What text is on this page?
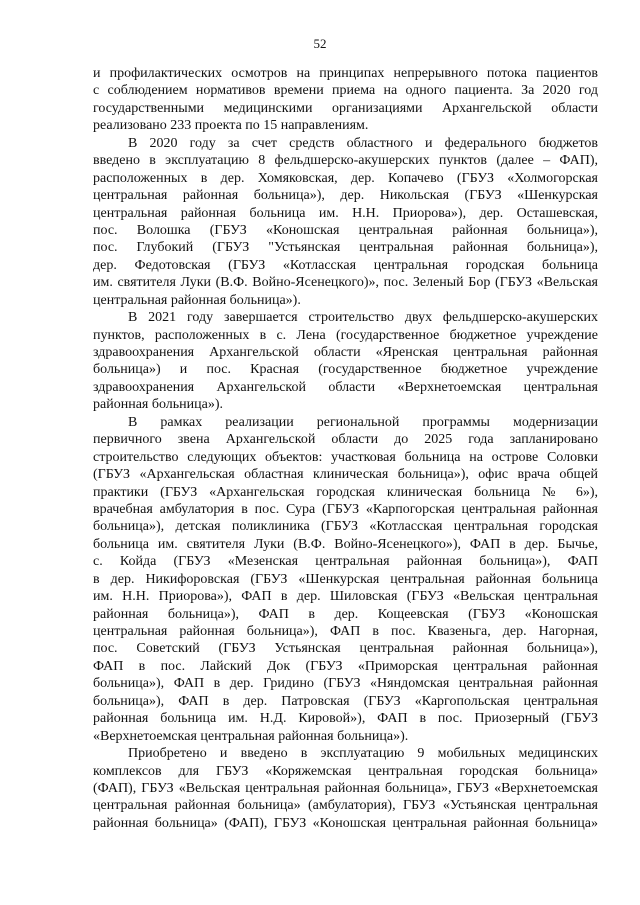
52
и профилактических осмотров на принципах непрерывного потока пациентов
с соблюдением нормативов времени приема на одного пациента. За 2020 год
государственными медицинскими организациями Архангельской области
реализовано 233 проекта по 15 направлениям.
В 2020 году за счет средств областного и федерального бюджетов
введено в эксплуатацию 8 фельдшерско-акушерских пунктов (далее – ФАП),
расположенных в дер. Хомяковская, дер. Копачево (ГБУЗ «Холмогорская
центральная районная больница»), дер. Никольская (ГБУЗ «Шенкурская
центральная районная больница им. Н.Н. Приорова»), дер. Осташевская,
пос. Волошка (ГБУЗ «Коношская центральная районная больница»),
пос. Глубокий (ГБУЗ "Устьянская центральная районная больница»),
дер. Федотовская (ГБУЗ «Котласская центральная городская больница
им. святителя Луки (В.Ф. Войно-Ясенецкого)», пос. Зеленый Бор (ГБУЗ «Вельская
центральная районная больница»).
В 2021 году завершается строительство двух фельдшерско-акушерских
пунктов, расположенных в с. Лена (государственное бюджетное учреждение
здравоохранения Архангельской области «Яренская центральная районная
больница») и пос. Красная (государственное бюджетное учреждение
здравоохранения Архангельской области «Верхнетоемская центральная
районная больница»).
В рамках реализации региональной программы модернизации
первичного звена Архангельской области до 2025 года запланировано
строительство следующих объектов: участковая больница на острове Соловки
(ГБУЗ «Архангельская областная клиническая больница»), офис врача общей
практики (ГБУЗ «Архангельская городская клиническая больница № 6»),
врачебная амбулатория в пос. Сура (ГБУЗ «Карпогорская центральная районная
больница»), детская поликлиника (ГБУЗ «Котласская центральная городская
больница им. святителя Луки (В.Ф. Войно-Ясенецкого»), ФАП в дер. Бычье,
с. Койда (ГБУЗ «Мезенская центральная районная больница»), ФАП
в дер. Никифоровская (ГБУЗ «Шенкурская центральная районная больница
им. Н.Н. Приорова»), ФАП в дер. Шиловская (ГБУЗ «Вельская центральная
районная больница»), ФАП в дер. Кощеевская (ГБУЗ «Коношская
центральная районная больница»), ФАП в пос. Квазеньга, дер. Нагорная,
пос. Советский (ГБУЗ Устьянская центральная районная больница»),
ФАП в пос. Лайский Док (ГБУЗ «Приморская центральная районная
больница»), ФАП в дер. Гридино (ГБУЗ «Няндомская центральная районная
больница»), ФАП в дер. Патровская (ГБУЗ «Каргопольская центральная
районная больница им. Н.Д. Кировой»), ФАП в пос. Приозерный (ГБУЗ
«Верхнетоемская центральная районная больница»).
Приобретено и введено в эксплуатацию 9 мобильных медицинских
комплексов для ГБУЗ «Коряжемская центральная городская больница»
(ФАП), ГБУЗ «Вельская центральная районная больница», ГБУЗ «Верхнетоемская
центральная районная больница» (амбулатория), ГБУЗ «Устьянская центральная
районная больница» (ФАП), ГБУЗ «Коношская центральная районная больница»
